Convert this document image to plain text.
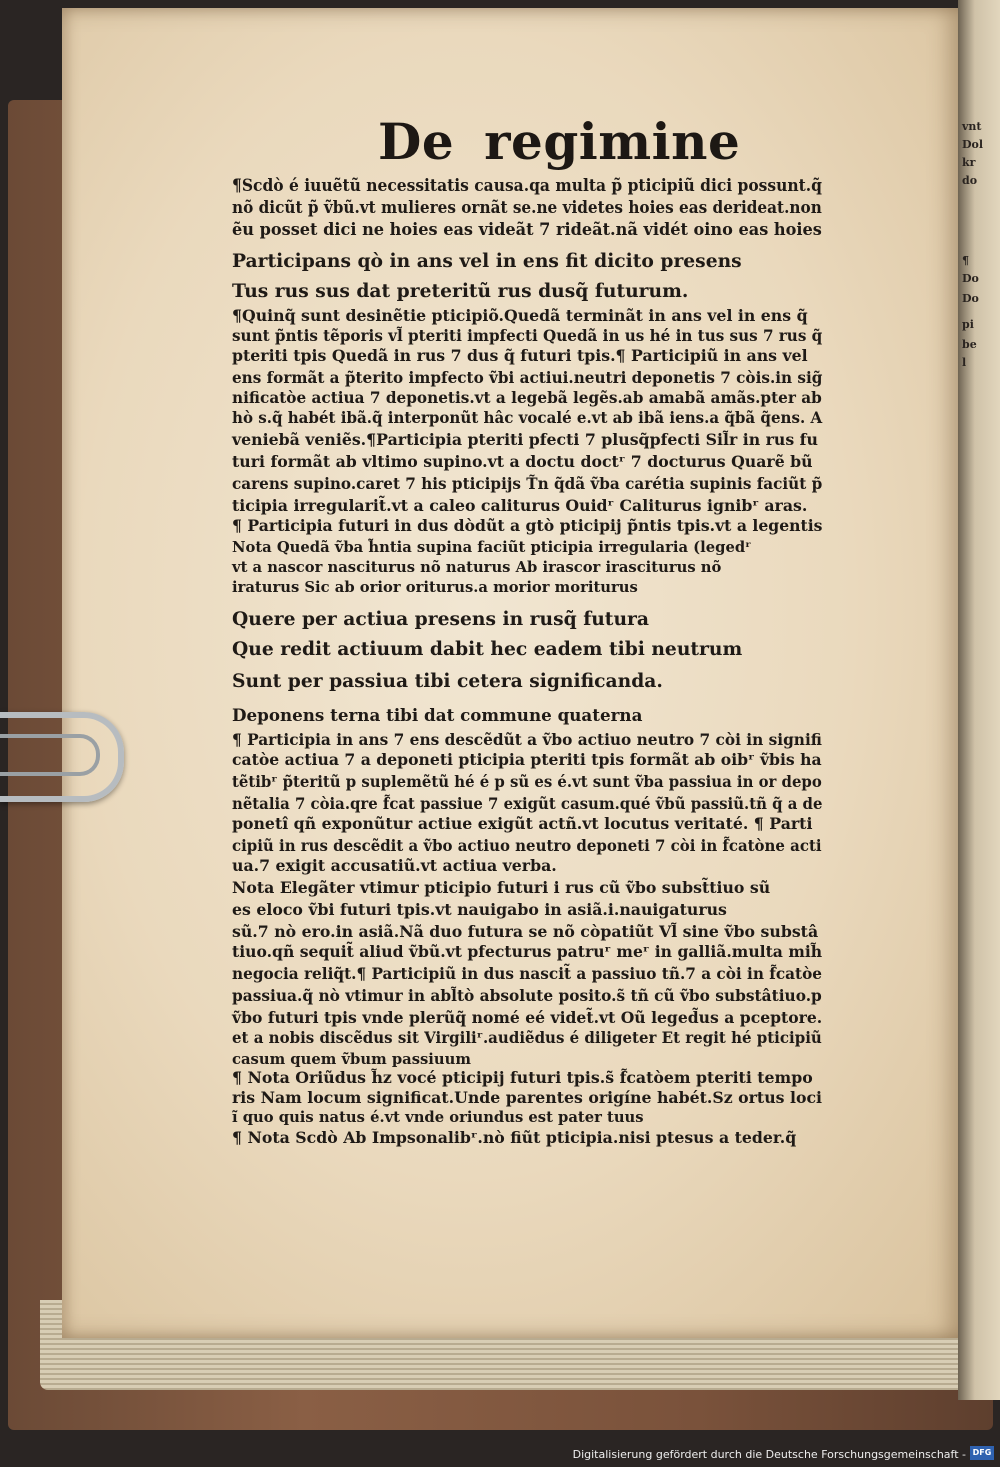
vnt
Dol
kr
do
¶
Do
Do
pi
be
l
De regimine
¶Scdò é iuuẽtũ necessitatis causa.qa multa p̃ pticipiũ dici possunt.q̃
nõ dicũt p̃ ṽbũ.vt mulieres ornãt se.ne videtes hoies eas derideat.non
ẽu posset dici ne hoies eas videãt 7 rideãt.nã vidét oino eas hoies
Participans qò in ans vel in ens fit dicito presens
Tus rus sus dat preteritũ rus dusq̃ futurum.
¶Quinq̃ sunt desinẽtie pticipiõ.Quedã terminãt in ans vel in ens q̃
sunt p̃ntis tẽporis vl̃ pteriti impfecti Quedã in us hé in tus sus 7 rus q̃
pteriti tpis Quedã in rus 7 dus q̃ futuri tpis.¶ Participiũ in ans vel
ens formãt a p̃terito impfecto ṽbi actiui.neutri deponetis 7 còis.in sig̃
nificatòe actiua 7 deponetis.vt a legebã legẽs.ab amabã amãs.pter ab
hò s.q̃ habét ibã.q̃ interponũt hâc vocalé e.vt ab ibã iens.a q̃bã q̃ens. A
veniebã veniẽs.¶Participia pteriti pfecti 7 plusq̃pfecti Sil̃r in rus fu
turi formãt ab vltimo supino.vt a doctu doctʳ 7 docturus Quarẽ bũ
carens supino.caret 7 his pticipijs T̃n q̃dã ṽba carétia supinis faciũt p̃
ticipia irregularit̃.vt a caleo caliturus Ouidʳ Caliturus ignibʳ aras.
¶ Participia futuri in dus dòdũt a gtò pticipij p̃ntis tpis.vt a legentis
Nota Quedã ṽba h̃ntia supina faciũt pticipia irregularia (legedʳ
vt a nascor nasciturus nõ naturus Ab irascor irasciturus nõ
iraturus Sic ab orior oriturus.a morior moriturus
Quere per actiua presens in rusq̃ futura
Que redit actiuum dabit hec eadem tibi neutrum
Sunt per passiua tibi cetera significanda.
Deponens terna tibi dat commune quaterna
¶ Participia in ans 7 ens descẽdũt a ṽbo actiuo neutro 7 còi in signifi
catòe actiua 7 a deponeti pticipia pteriti tpis formãt ab oibʳ ṽbis ha
tẽtibʳ p̃teritũ p suplemẽtũ hé é p sũ es é.vt sunt ṽba passiua in or depo
nẽtalia 7 còia.qre f̃cat passiue 7 exigũt casum.qué ṽbũ passiũ.tñ q̃ a de
ponetî qñ exponũtur actiue exigũt actñ.vt locutus veritaté. ¶ Parti
cipiũ in rus descẽdit a ṽbo actiuo neutro deponeti 7 còi in f̃catòne acti
ua.7 exigit accusatiũ.vt actiua verba.
Nota Elegãter vtimur pticipio futuri i rus cũ ṽbo subst̃tiuo sũ
es eloco ṽbi futuri tpis.vt nauigabo in asiã.i.nauigaturus
sũ.7 nò ero.in asiã.Nã duo futura se nõ còpatiũt Vl̃ sine ṽbo substâ
tiuo.qñ sequit̃ aliud ṽbũ.vt pfecturus patruʳ meʳ in galliã.multa mih̃
negocia reliq̃t.¶ Participiũ in dus nascit̃ a passiuo tñ.7 a còi in f̃catòe
passiua.q̃ nò vtimur in abl̃tò absolute posito.s̃ tñ cũ ṽbo substâtiuo.p
ṽbo futuri tpis vnde plerũq̃ nomé eé videt̃.vt Oũ leged̃us a pceptore.
et a nobis discẽdus sit Virgiliʳ.audiẽdus é diligeter Et regit hé pticipiũ
casum quem ṽbum passiuum
¶ Nota Oriũdus h̃z vocé pticipij futuri tpis.s̃ f̃catòem pteriti tempo
ris Nam locum significat.Unde parentes origíne habét.Sz ortus loci
ĩ quo quis natus é.vt vnde oriundus est pater tuus
¶ Nota Scdò Ab Impsonalibʳ.nò fiũt pticipia.nisi ptesus a teder.q̃
Digitalisierung gefördert durch die Deutsche Forschungsgemeinschaft - DFG
